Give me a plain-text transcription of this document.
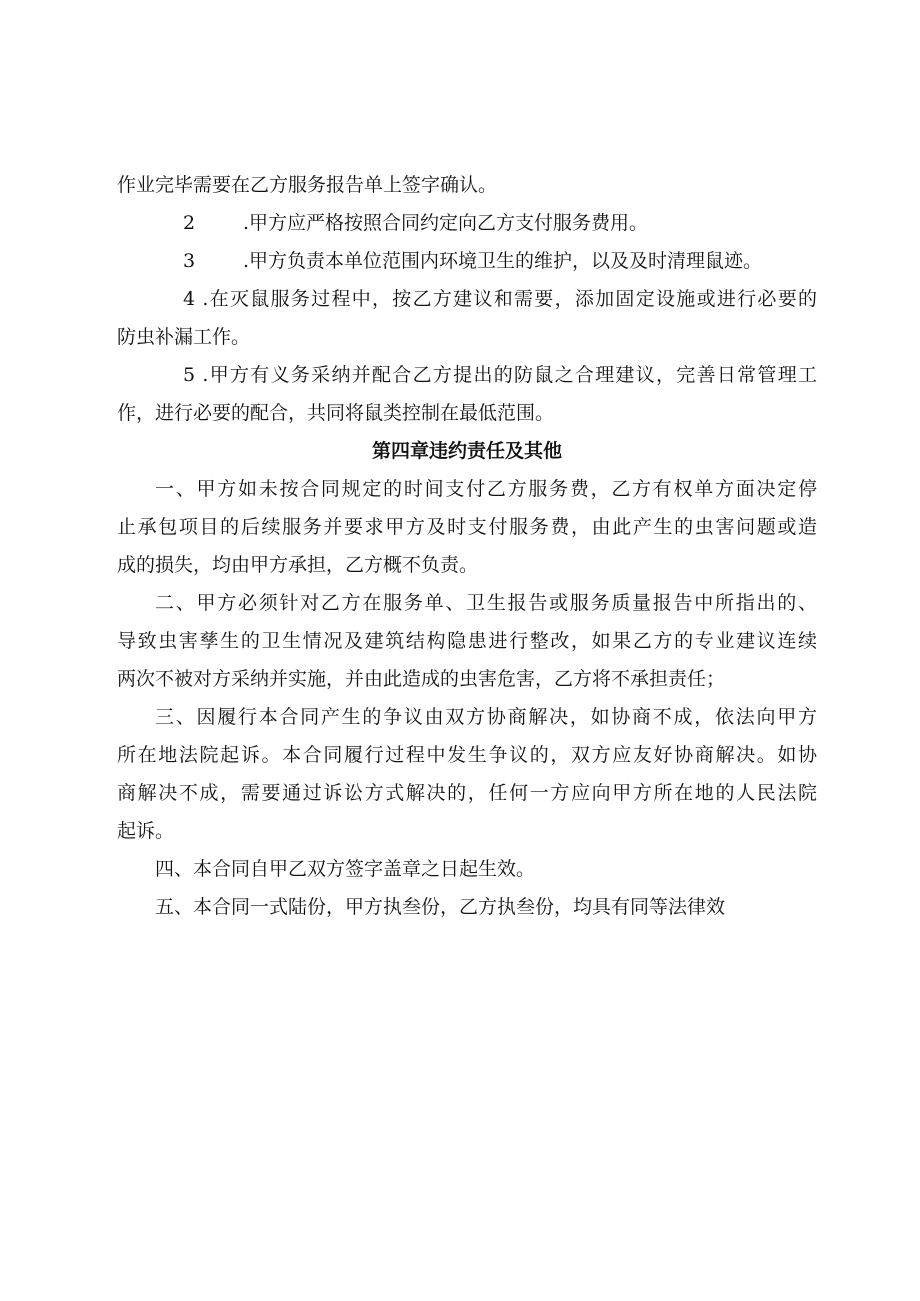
作业完毕需要在乙方服务报告单上签字确认。

2	.甲方应严格按照合同约定向乙方支付服务费用。

3	.甲方负责本单位范围内环境卫生的维护，以及及时清理鼠迹。

4 .在灭鼠服务过程中，按乙方建议和需要，添加固定设施或进行必要的

防虫补漏工作。

5 .甲方有义务采纳并配合乙方提出的防鼠之合理建议，完善日常管理工

作，进行必要的配合，共同将鼠类控制在最低范围。

第四章违约责任及其他

一、甲方如未按合同规定的时间支付乙方服务费，乙方有权单方面决定停

止承包项目的后续服务并要求甲方及时支付服务费，由此产生的虫害问题或造

成的损失，均由甲方承担，乙方概不负责。

二、甲方必须针对乙方在服务单、卫生报告或服务质量报告中所指出的、

导致虫害孳生的卫生情况及建筑结构隐患进行整改，如果乙方的专业建议连续

两次不被对方采纳并实施，并由此造成的虫害危害，乙方将不承担责任；

三、因履行本合同产生的争议由双方协商解决，如协商不成，依法向甲方

所在地法院起诉。本合同履行过程中发生争议的，双方应友好协商解决。如协

商解决不成，需要通过诉讼方式解决的，任何一方应向甲方所在地的人民法院

起诉。

四、本合同自甲乙双方签字盖章之日起生效。

五、本合同一式陆份，甲方执叁份，乙方执叁份，均具有同等法律效
